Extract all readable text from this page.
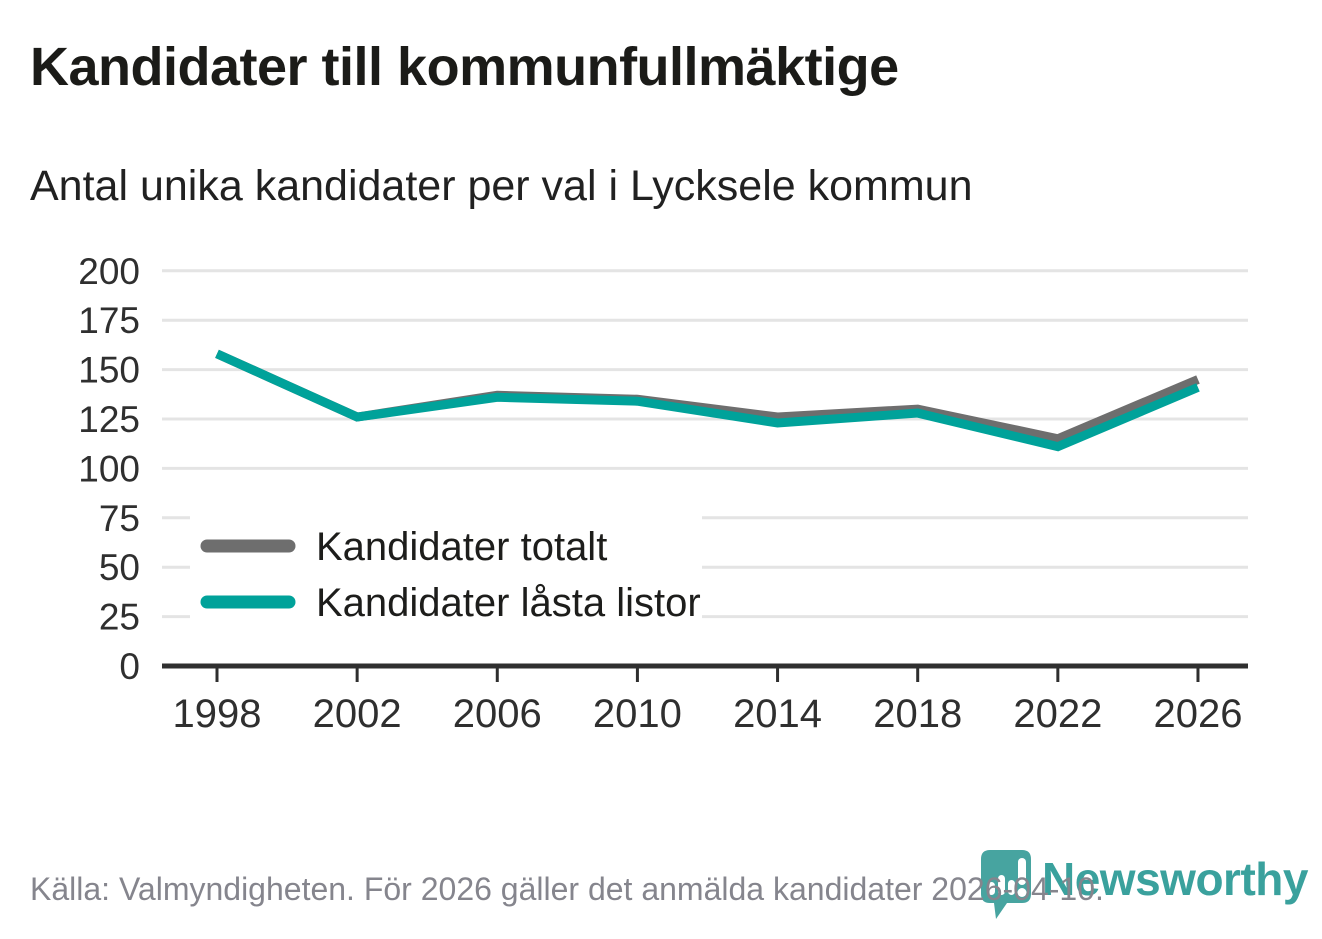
Kandidater till kommunfullmäktige
Antal unika kandidater per val i Lycksele kommun
1998 2002 2006 2010 2014 2018 2022 2026
0
25
50
75
100
125
150
175
200
Kandidater totalt
Kandidater låsta listor
Newsworthy
Källa: Valmyndigheten. För 2026 gäller det anmälda kandidater 2026-04-10.
